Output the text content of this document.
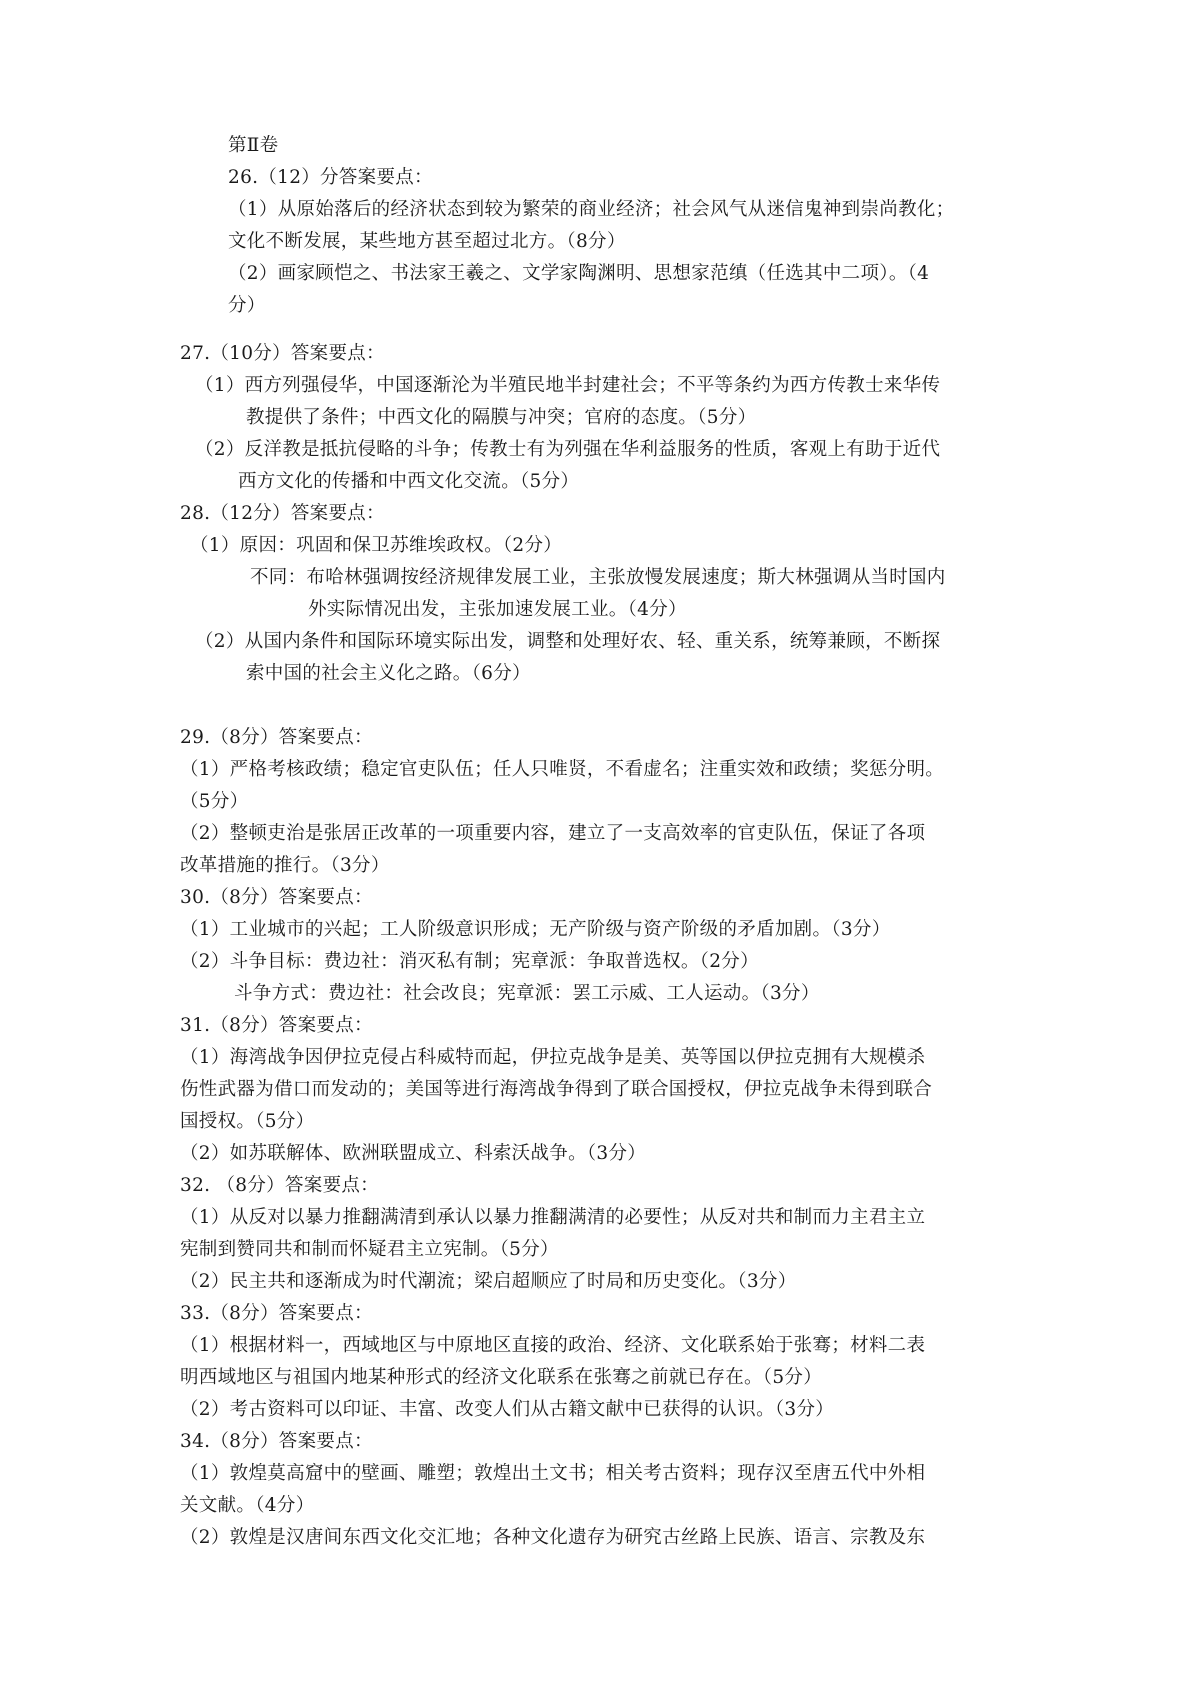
第Ⅱ卷
26.（12）分答案要点：
（1）从原始落后的经济状态到较为繁荣的商业经济；社会风气从迷信鬼神到崇尚教化；
文化不断发展，某些地方甚至超过北方。（8分）
（2）画家顾恺之、书法家王羲之、文学家陶渊明、思想家范缜（任选其中二项）。（4
分）
27.（10分）答案要点：
（1）西方列强侵华，中国逐渐沦为半殖民地半封建社会；不平等条约为西方传教士来华传
教提供了条件；中西文化的隔膜与冲突；官府的态度。（5分）
（2）反洋教是抵抗侵略的斗争；传教士有为列强在华利益服务的性质，客观上有助于近代
西方文化的传播和中西文化交流。（5分）
28.（12分）答案要点：
（1）原因：巩固和保卫苏维埃政权。（2分）
不同：布哈林强调按经济规律发展工业，主张放慢发展速度；斯大林强调从当时国内
外实际情况出发，主张加速发展工业。（4分）
（2）从国内条件和国际环境实际出发，调整和处理好农、轻、重关系，统筹兼顾，不断探
索中国的社会主义化之路。（6分）
29.（8分）答案要点：
（1）严格考核政绩；稳定官吏队伍；任人只唯贤，不看虚名；注重实效和政绩；奖惩分明。
（5分）
（2）整顿吏治是张居正改革的一项重要内容，建立了一支高效率的官吏队伍，保证了各项
改革措施的推行。（3分）
30.（8分）答案要点：
（1）工业城市的兴起；工人阶级意识形成；无产阶级与资产阶级的矛盾加剧。（3分）
（2）斗争目标：费边社：消灭私有制；宪章派：争取普选权。（2分）
斗争方式：费边社：社会改良；宪章派：罢工示威、工人运动。（3分）
31.（8分）答案要点：
（1）海湾战争因伊拉克侵占科威特而起，伊拉克战争是美、英等国以伊拉克拥有大规模杀
伤性武器为借口而发动的；美国等进行海湾战争得到了联合国授权，伊拉克战争未得到联合
国授权。（5分）
（2）如苏联解体、欧洲联盟成立、科索沃战争。（3分）
32. （8分）答案要点：
（1）从反对以暴力推翻满清到承认以暴力推翻满清的必要性；从反对共和制而力主君主立
宪制到赞同共和制而怀疑君主立宪制。（5分）
（2）民主共和逐渐成为时代潮流；梁启超顺应了时局和历史变化。（3分）
33.（8分）答案要点：
（1）根据材料一，西域地区与中原地区直接的政治、经济、文化联系始于张骞；材料二表
明西域地区与祖国内地某种形式的经济文化联系在张骞之前就已存在。（5分）
（2）考古资料可以印证、丰富、改变人们从古籍文献中已获得的认识。（3分）
34.（8分）答案要点：
（1）敦煌莫高窟中的壁画、雕塑；敦煌出土文书；相关考古资料；现存汉至唐五代中外相
关文献。（4分）
（2）敦煌是汉唐间东西文化交汇地；各种文化遗存为研究古丝路上民族、语言、宗教及东
